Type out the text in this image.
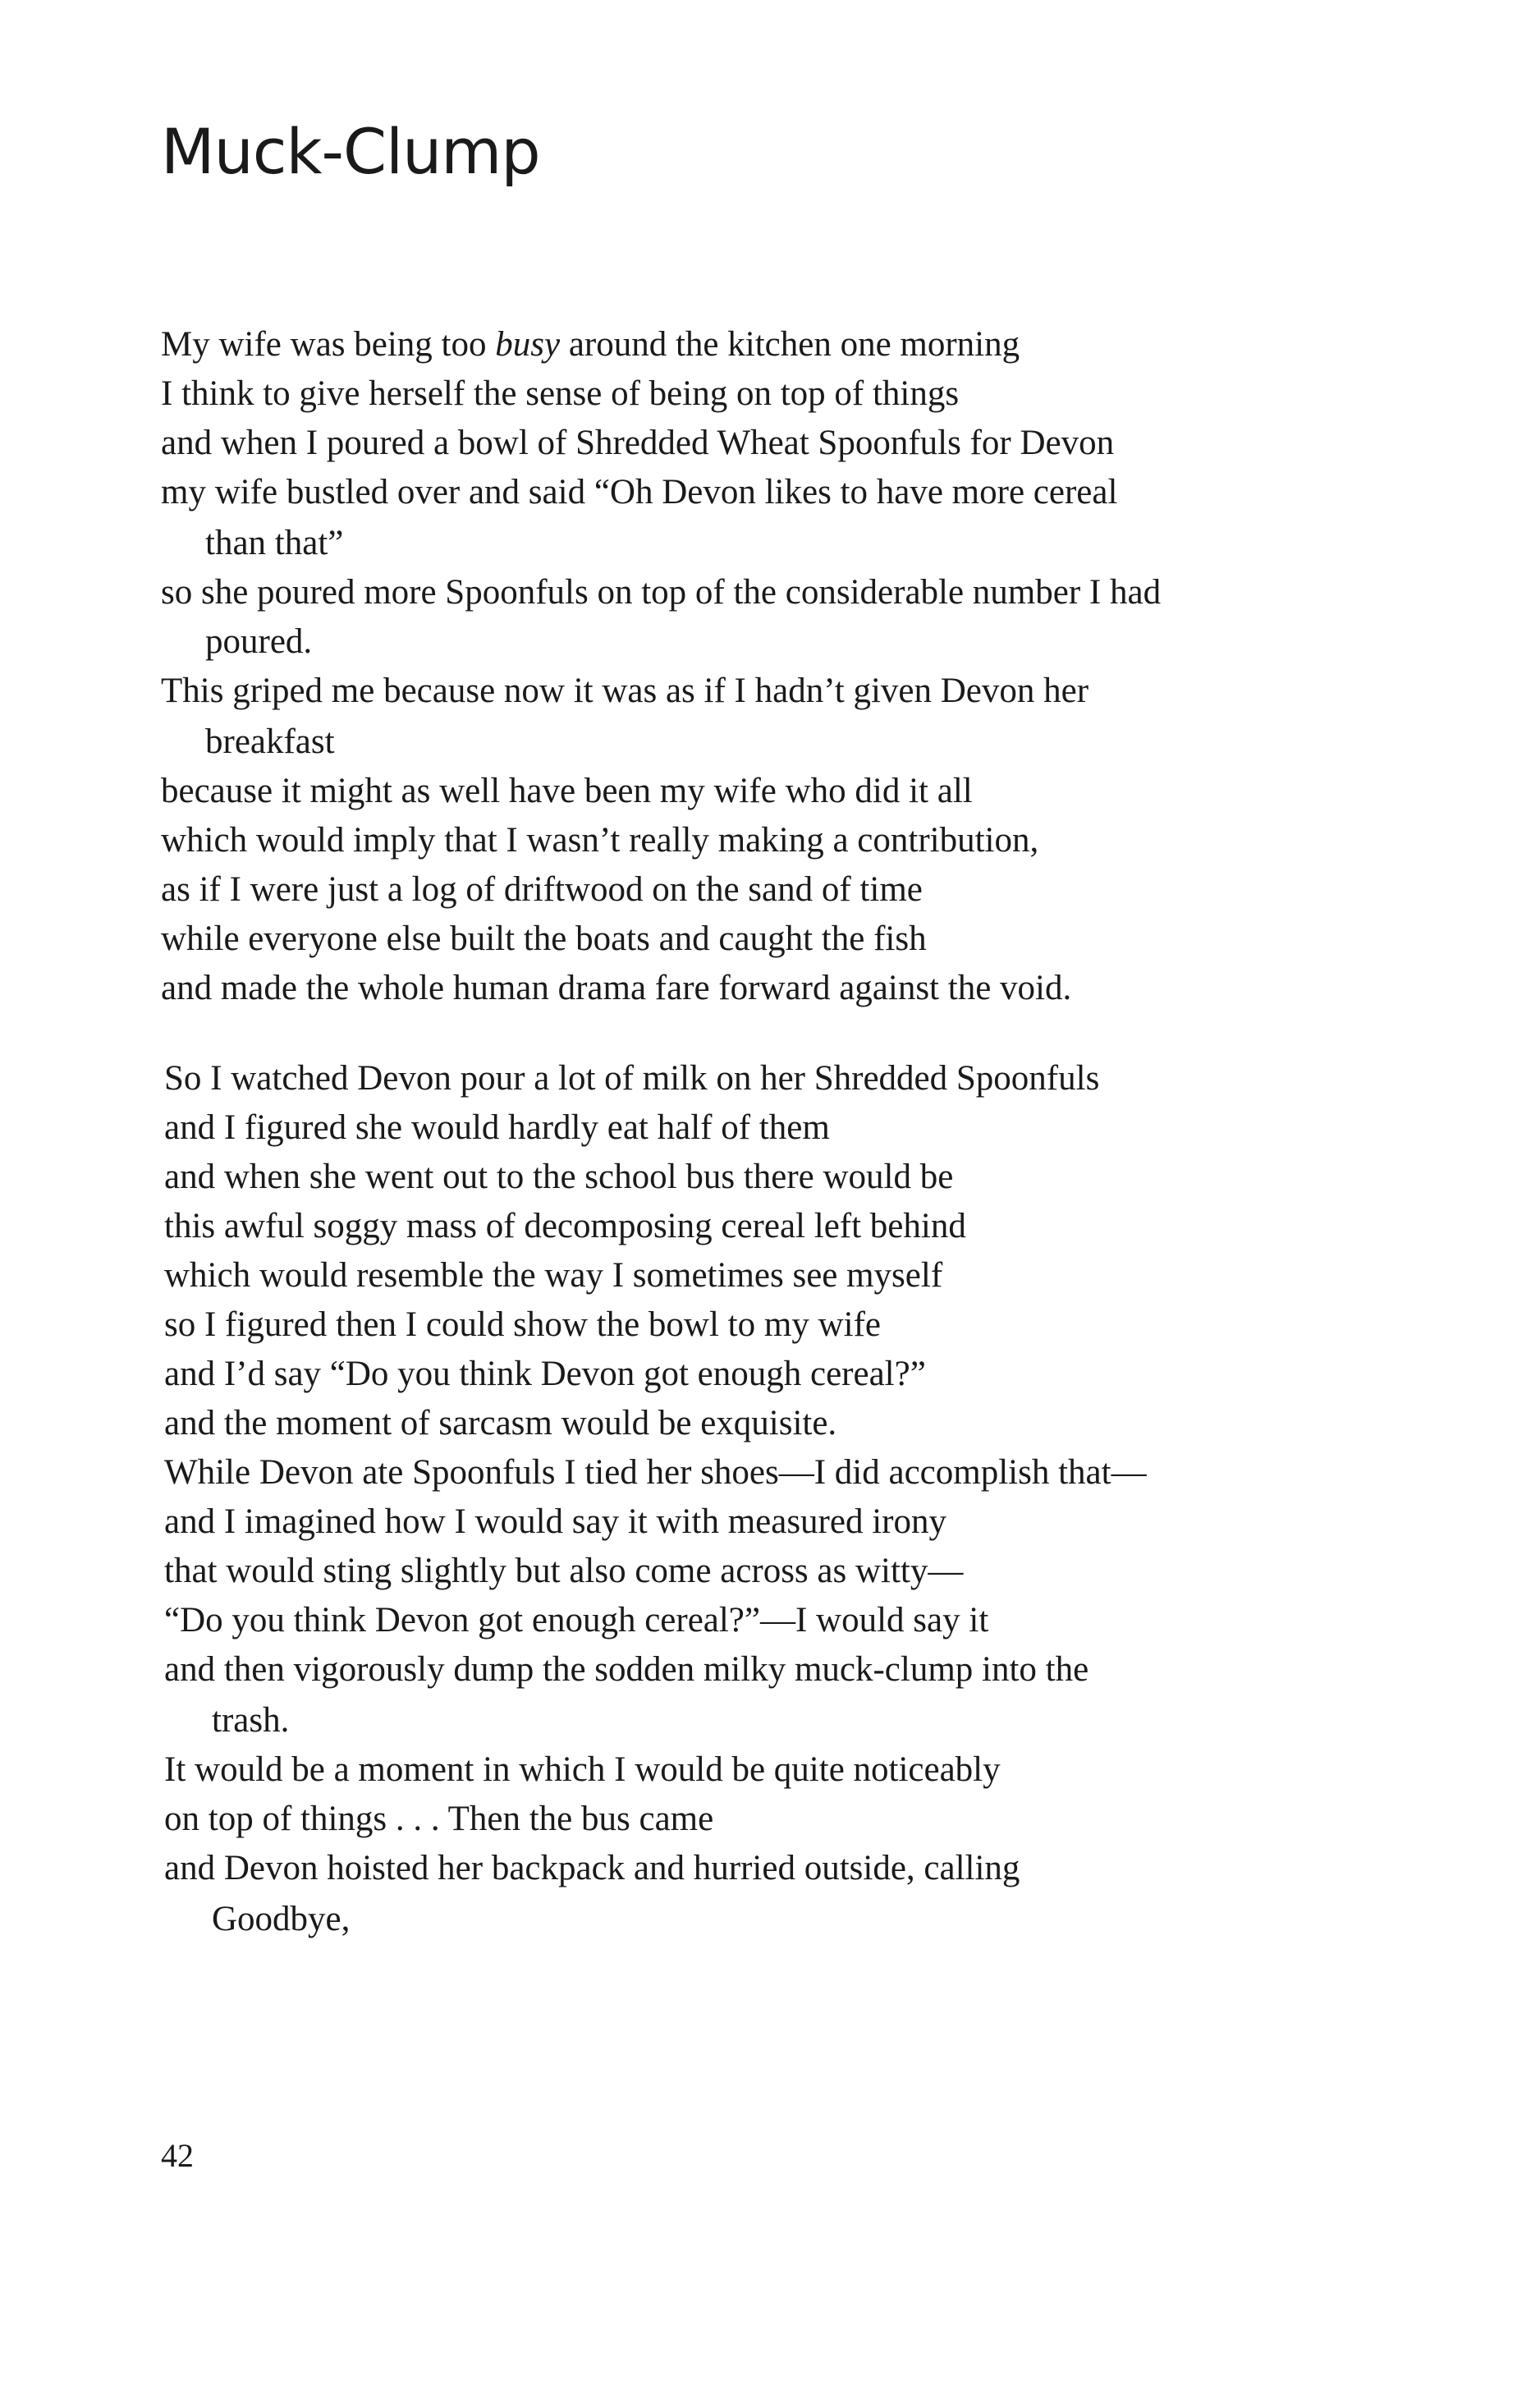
Muck-Clump

My wife was being too busy around the kitchen one morning

I think to give herself the sense of being on top of things

and when I poured a bowl of Shredded Wheat Spoonfuls for Devon

my wife bustled over and said “Oh Devon likes to have more cereal

than that”

so she poured more Spoonfuls on top of the considerable number I had

poured.

This griped me because now it was as if I hadn’t given Devon her

breakfast

because it might as well have been my wife who did it all

which would imply that I wasn’t really making a contribution,

as if I were just a log of driftwood on the sand of time

while everyone else built the boats and caught the fish

and made the whole human drama fare forward against the void.

So I watched Devon pour a lot of milk on her Shredded Spoonfuls

and I figured she would hardly eat half of them

and when she went out to the school bus there would be

this awful soggy mass of decomposing cereal left behind

which would resemble the way I sometimes see myself

so I figured then I could show the bowl to my wife

and I’d say “Do you think Devon got enough cereal?”

and the moment of sarcasm would be exquisite.

While Devon ate Spoonfuls I tied her shoes—I did accomplish that—

and I imagined how I would say it with measured irony

that would sting slightly but also come across as witty—

“Do you think Devon got enough cereal?”—I would say it

and then vigorously dump the sodden milky muck-clump into the

trash.

It would be a moment in which I would be quite noticeably

on top of things . . . Then the bus came

and Devon hoisted her backpack and hurried outside, calling

Goodbye,

42
